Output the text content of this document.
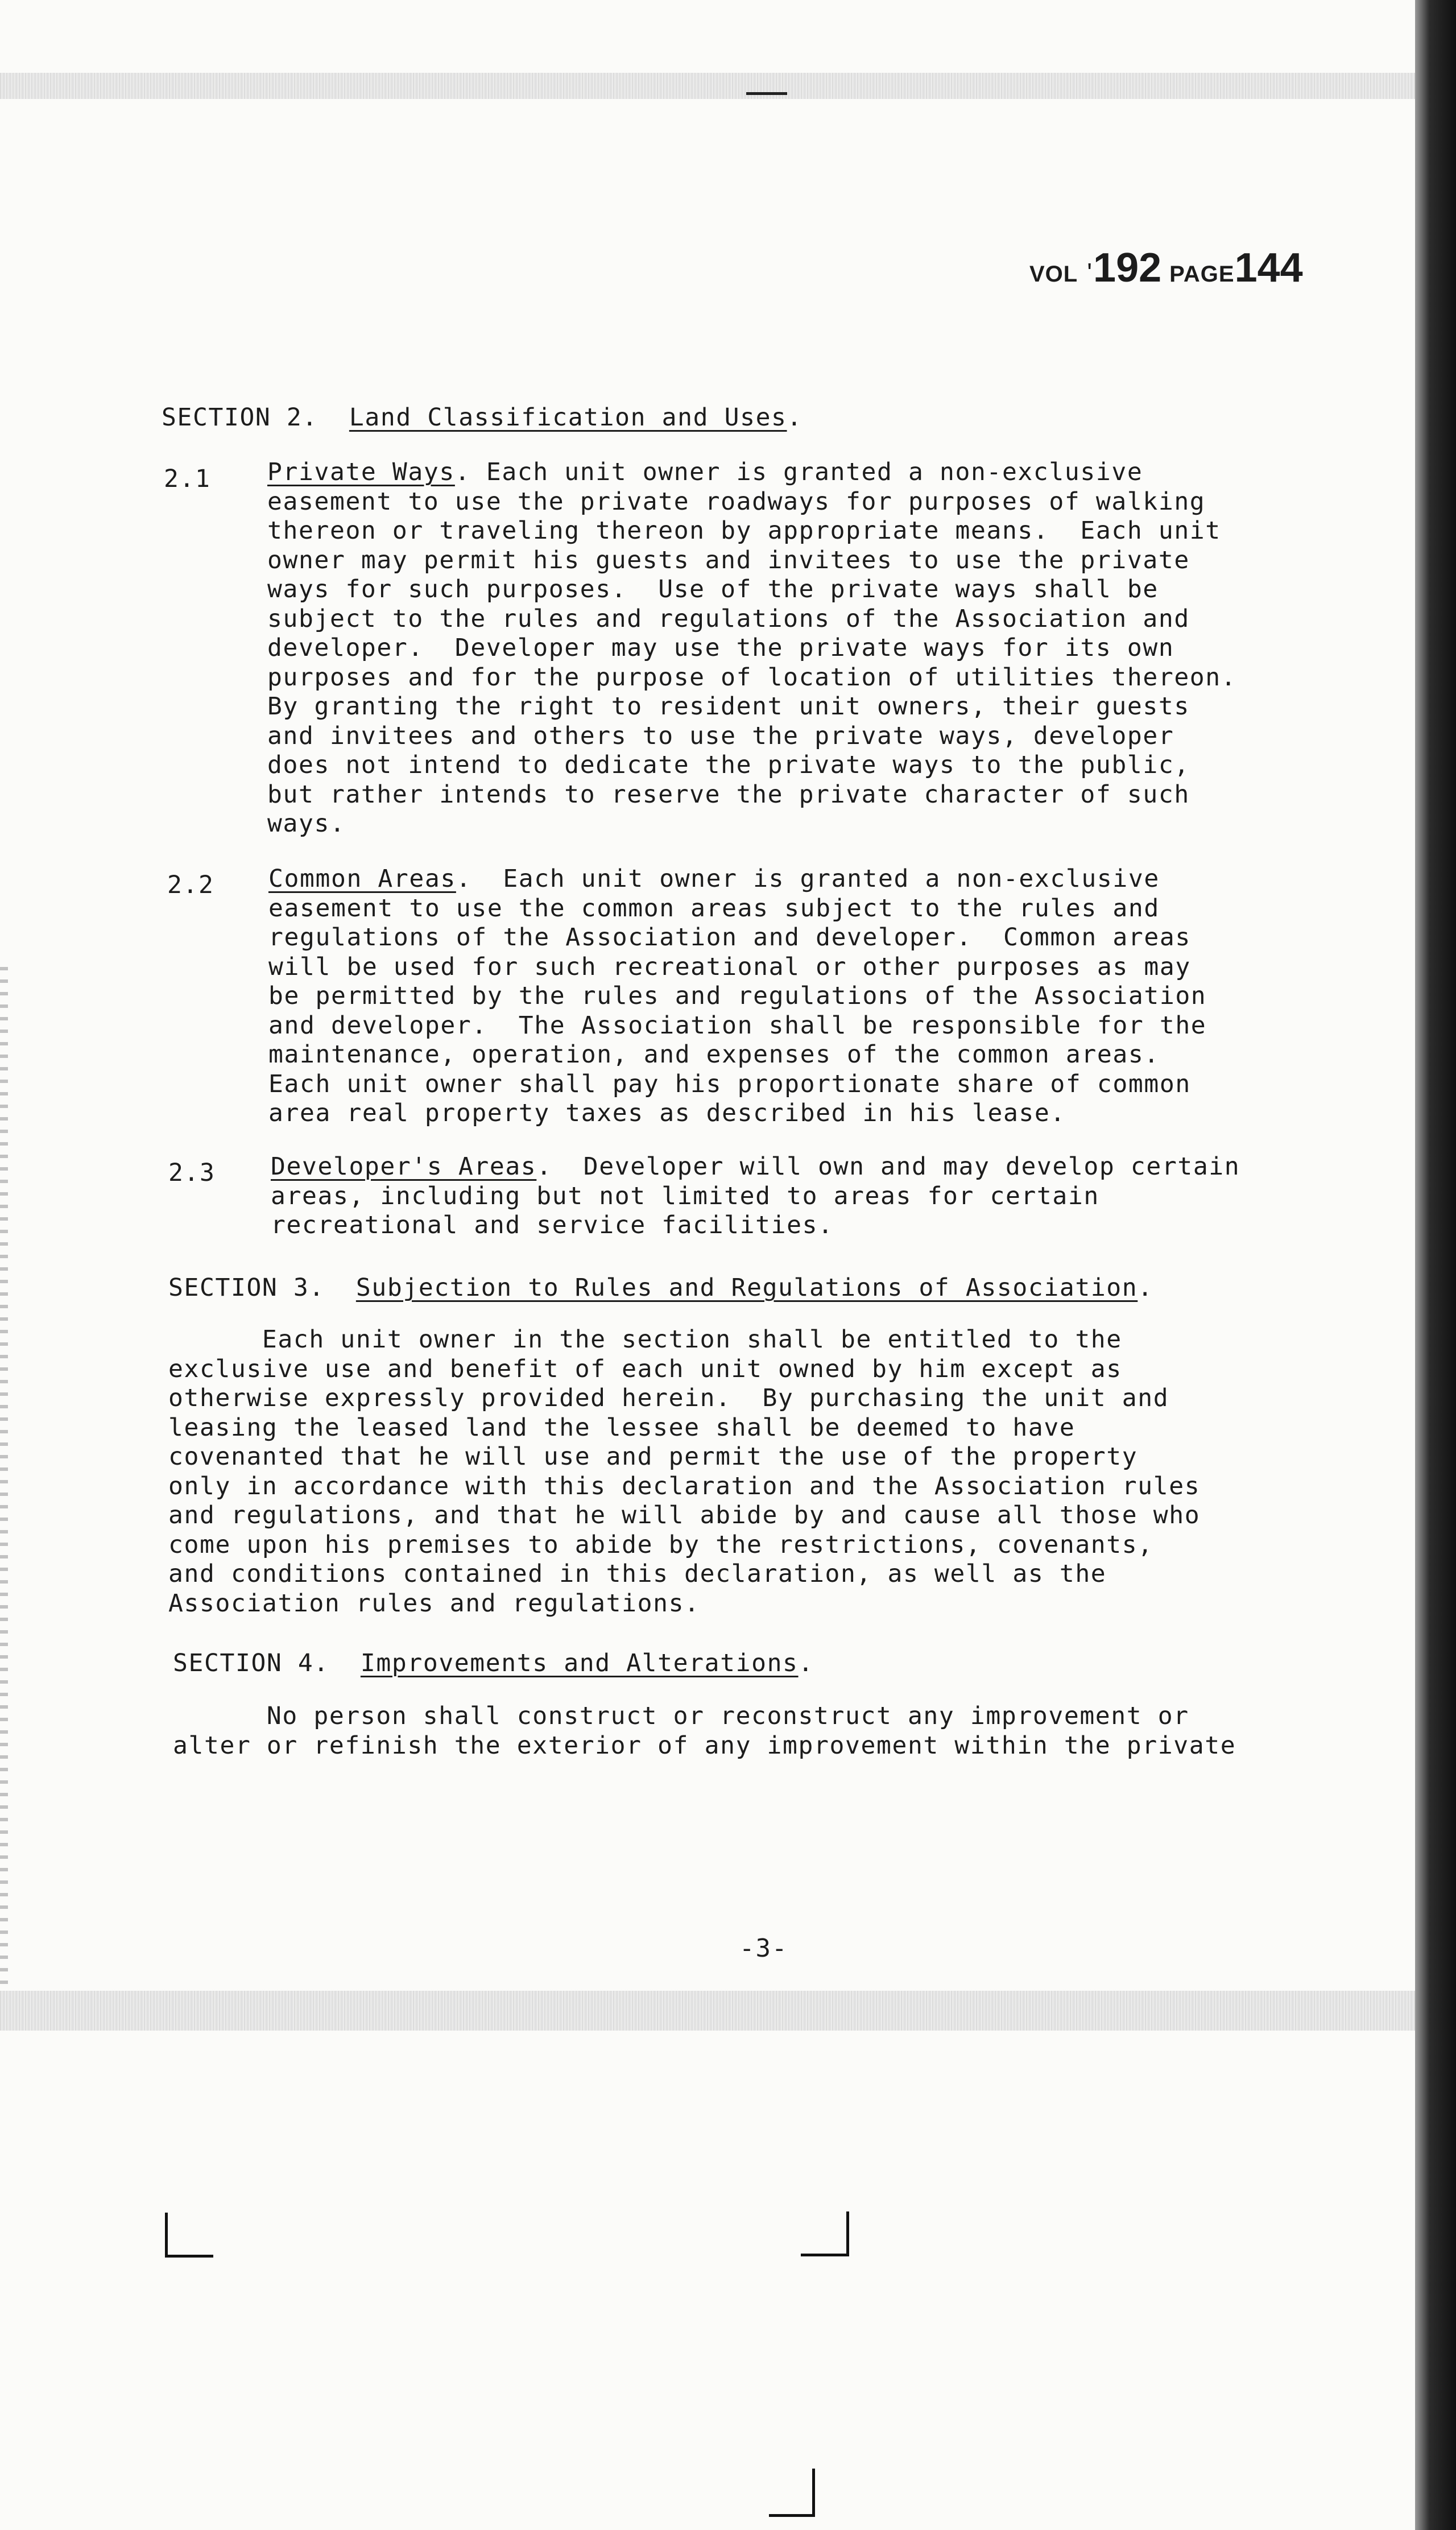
VOL ' 192 PAGE 144
SECTION 2. Land Classification and Uses.
2.1 Private Ways. Each unit owner is granted a non-exclusive
easement to use the private roadways for purposes of walking
thereon or traveling thereon by appropriate means.  Each unit
owner may permit his guests and invitees to use the private
ways for such purposes.  Use of the private ways shall be
subject to the rules and regulations of the Association and
developer.  Developer may use the private ways for its own
purposes and for the purpose of location of utilities thereon.
By granting the right to resident unit owners, their guests
and invitees and others to use the private ways, developer
does not intend to dedicate the private ways to the public,
but rather intends to reserve the private character of such
ways.
2.2 Common Areas.  Each unit owner is granted a non-exclusive
easement to use the common areas subject to the rules and
regulations of the Association and developer.  Common areas
will be used for such recreational or other purposes as may
be permitted by the rules and regulations of the Association
and developer.  The Association shall be responsible for the
maintenance, operation, and expenses of the common areas.
Each unit owner shall pay his proportionate share of common
area real property taxes as described in his lease.
2.3 Developer's Areas.  Developer will own and may develop certain
areas, including but not limited to areas for certain
recreational and service facilities.
SECTION 3. Subjection to Rules and Regulations of Association.
Each unit owner in the section shall be entitled to the
exclusive use and benefit of each unit owned by him except as
otherwise expressly provided herein.  By purchasing the unit and
leasing the leased land the lessee shall be deemed to have
covenanted that he will use and permit the use of the property
only in accordance with this declaration and the Association rules
and regulations, and that he will abide by and cause all those who
come upon his premises to abide by the restrictions, covenants,
and conditions contained in this declaration, as well as the
Association rules and regulations.
SECTION 4. Improvements and Alterations.
No person shall construct or reconstruct any improvement or
alter or refinish the exterior of any improvement within the private
-3-
